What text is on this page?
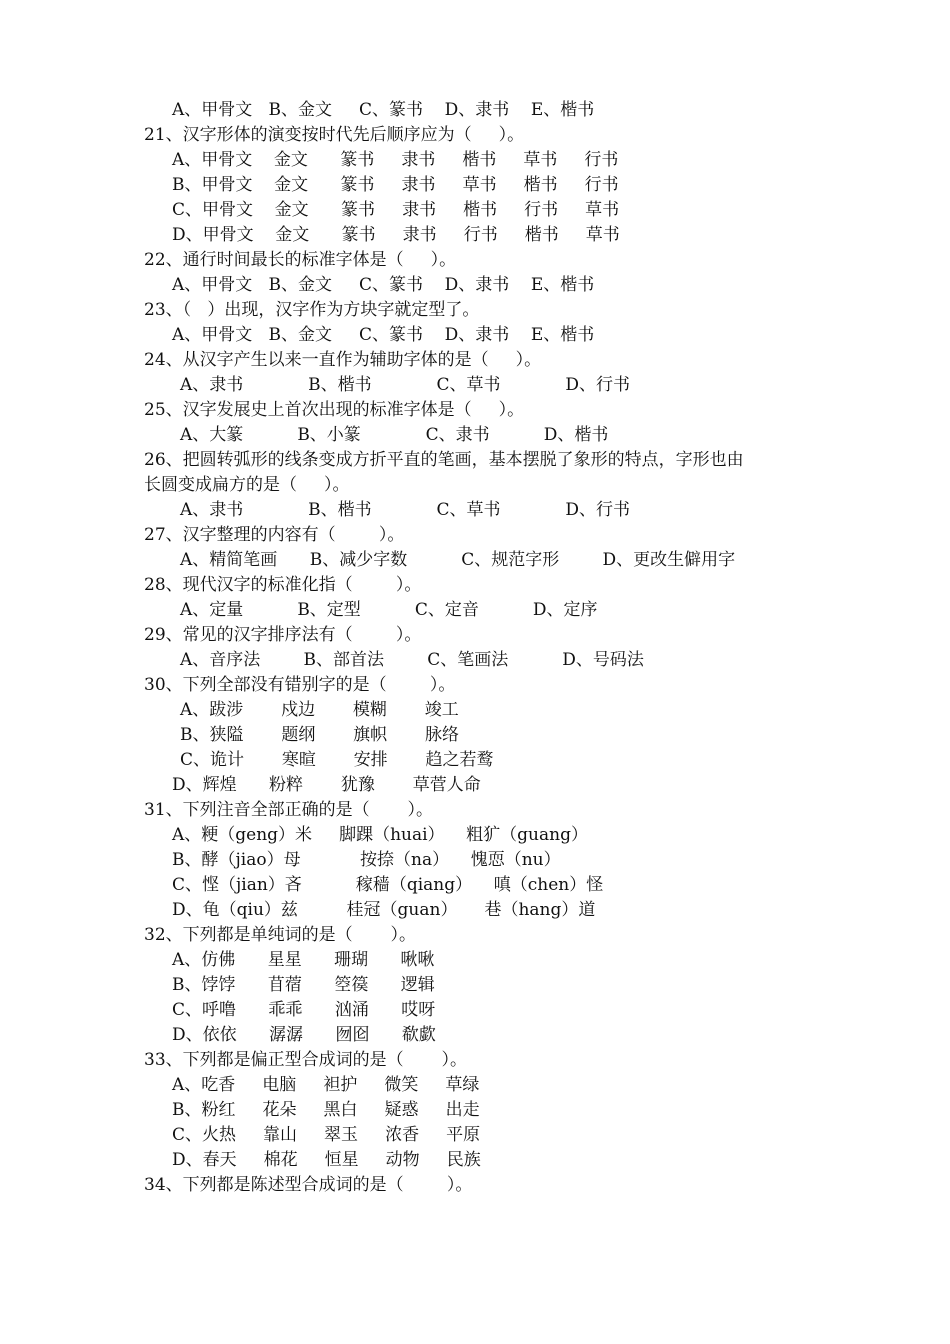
A、甲骨文   B、金文     C、篆书    D、隶书    E、楷书

21、汉字形体的演变按时代先后顺序应为（     ）。

A、甲骨文    金文      篆书     隶书     楷书     草书     行书

B、甲骨文    金文      篆书     隶书     草书     楷书     行书

C、甲骨文    金文      篆书     隶书     楷书     行书     草书

D、甲骨文    金文      篆书     隶书     行书     楷书     草书

22、通行时间最长的标准字体是（     ）。

A、甲骨文   B、金文     C、篆书    D、隶书    E、楷书

23、（   ）出现，汉字作为方块字就定型了。

A、甲骨文   B、金文     C、篆书    D、隶书    E、楷书

24、从汉字产生以来一直作为辅助字体的是（     ）。

A、隶书            B、楷书            C、草书            D、行书

25、汉字发展史上首次出现的标准字体是（     ）。

A、大篆          B、小篆            C、隶书          D、楷书

26、把圆转弧形的线条变成方折平直的笔画，基本摆脱了象形的特点，字形也由

长圆变成扁方的是（     ）。

A、隶书            B、楷书            C、草书            D、行书

27、汉字整理的内容有（        ）。

A、精简笔画      B、减少字数          C、规范字形        D、更改生僻用字

28、现代汉字的标准化指（        ）。

A、定量          B、定型          C、定音          D、定序

29、常见的汉字排序法有（        ）。

A、音序法        B、部首法        C、笔画法          D、号码法

30、下列全部没有错别字的是（        ）。

A、跋涉       戍边       模糊       竣工

B、狭隘       题纲       旗帜       脉络

C、诡计       寒暄       安排       趋之若鹜

D、辉煌      粉粹       犹豫       草菅人命

31、下列注音全部正确的是（       ）。

A、粳（geng）米     脚踝（huai）    粗犷（guang）

B、酵（jiao）母           按捺（na）    愧恧（nu）

C、悭（jian）吝          稼穑（qiang）    嗔（chen）怪

D、龟（qiu）兹         桂冠（guan）     巷（hang）道

32、下列都是单纯词的是（       ）。

A、仿佛      星星      珊瑚      啾啾

B、饽饽      苜蓿      箜篌      逻辑

C、呼噜      乖乖      汹涌      哎呀

D、依依      潺潺      囫囵      欷歔

33、下列都是偏正型合成词的是（       ）。

A、吃香     电脑     袒护     微笑     草绿

B、粉红     花朵     黑白     疑惑     出走

C、火热     靠山     翠玉     浓香     平原

D、春天     棉花     恒星     动物     民族

34、下列都是陈述型合成词的是（        ）。
